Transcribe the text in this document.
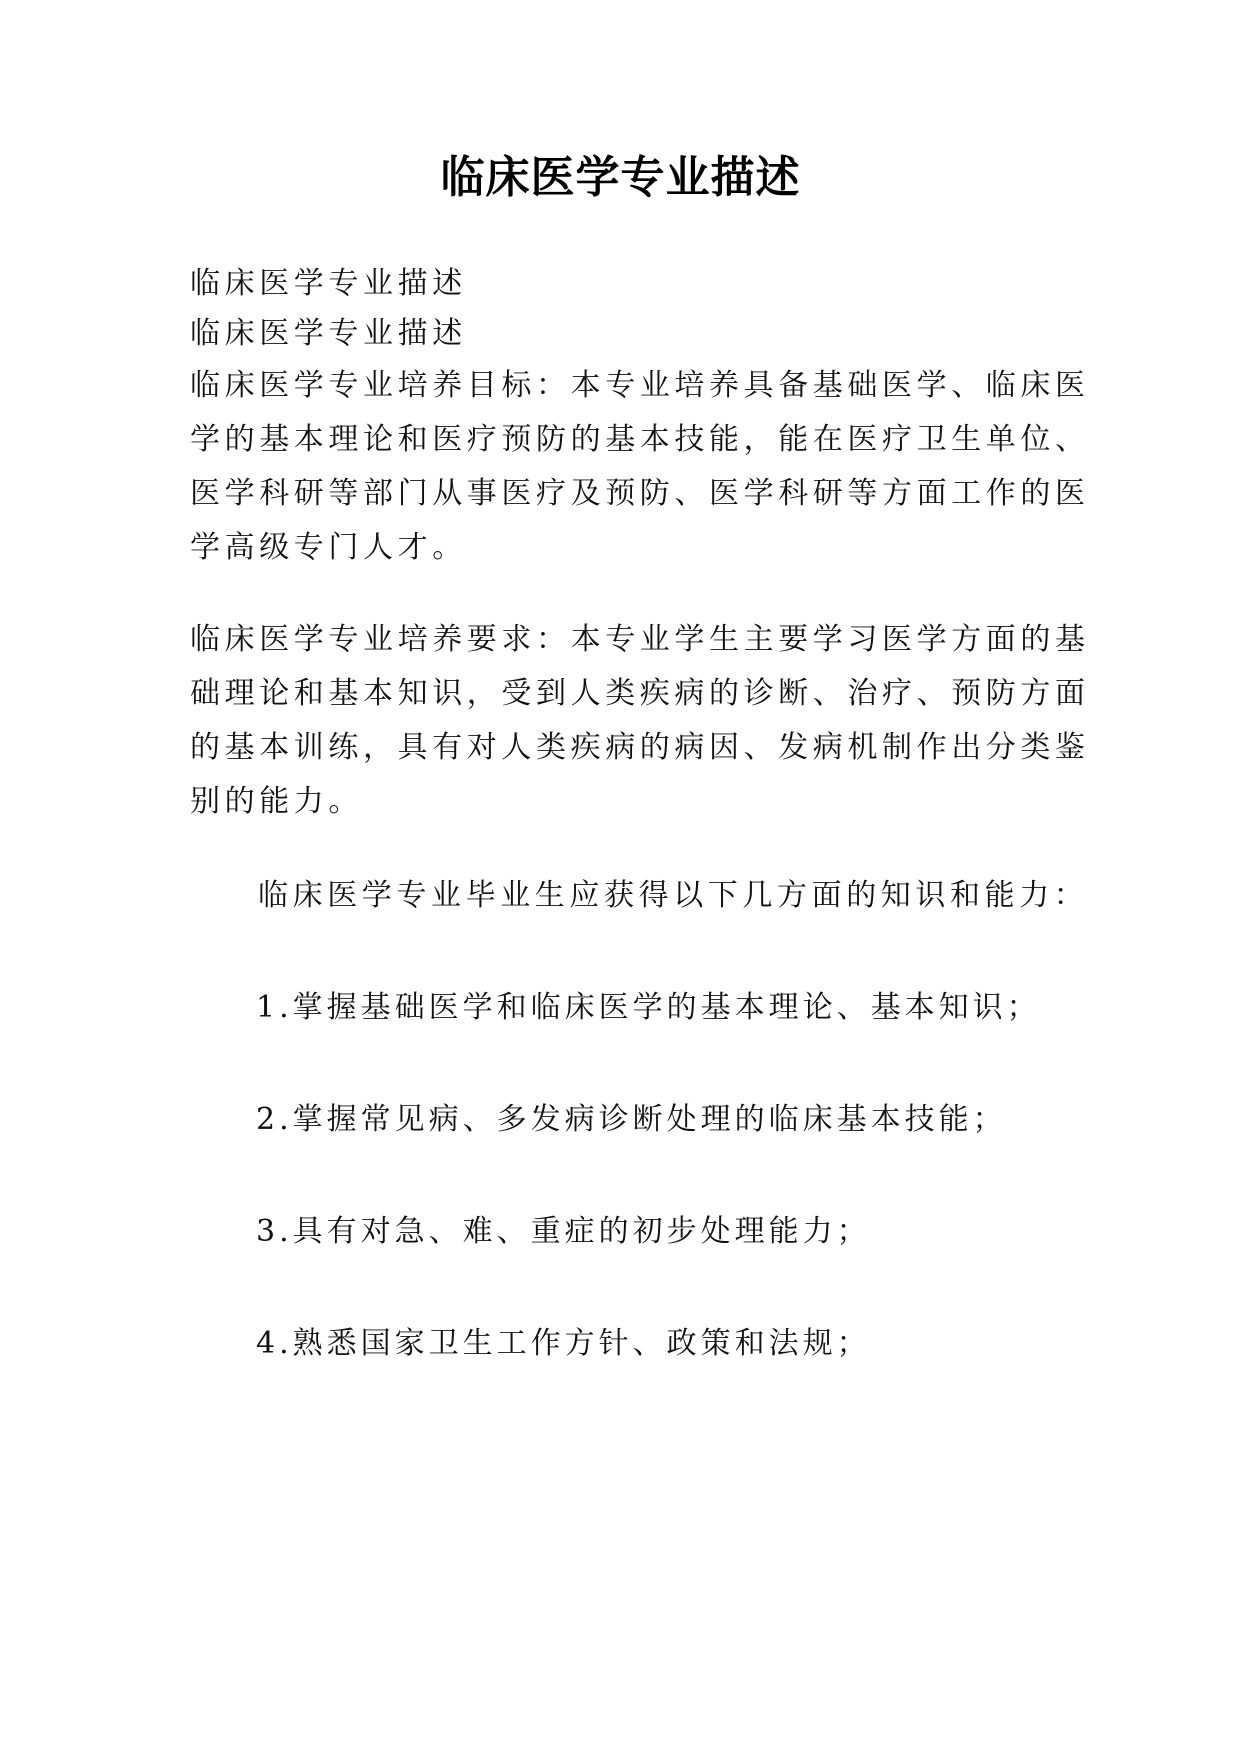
临床医学专业描述
临床医学专业描述
临床医学专业描述
临床医学专业培养目标：本专业培养具备基础医学、临床医
学的基本理论和医疗预防的基本技能，能在医疗卫生单位、
医学科研等部门从事医疗及预防、医学科研等方面工作的医
学高级专门人才。
临床医学专业培养要求：本专业学生主要学习医学方面的基
础理论和基本知识，受到人类疾病的诊断、治疗、预防方面
的基本训练，具有对人类疾病的病因、发病机制作出分类鉴
别的能力。
临床医学专业毕业生应获得以下几方面的知识和能力：
1.掌握基础医学和临床医学的基本理论、基本知识；
2.掌握常见病、多发病诊断处理的临床基本技能；
3.具有对急、难、重症的初步处理能力；
4.熟悉国家卫生工作方针、政策和法规；
